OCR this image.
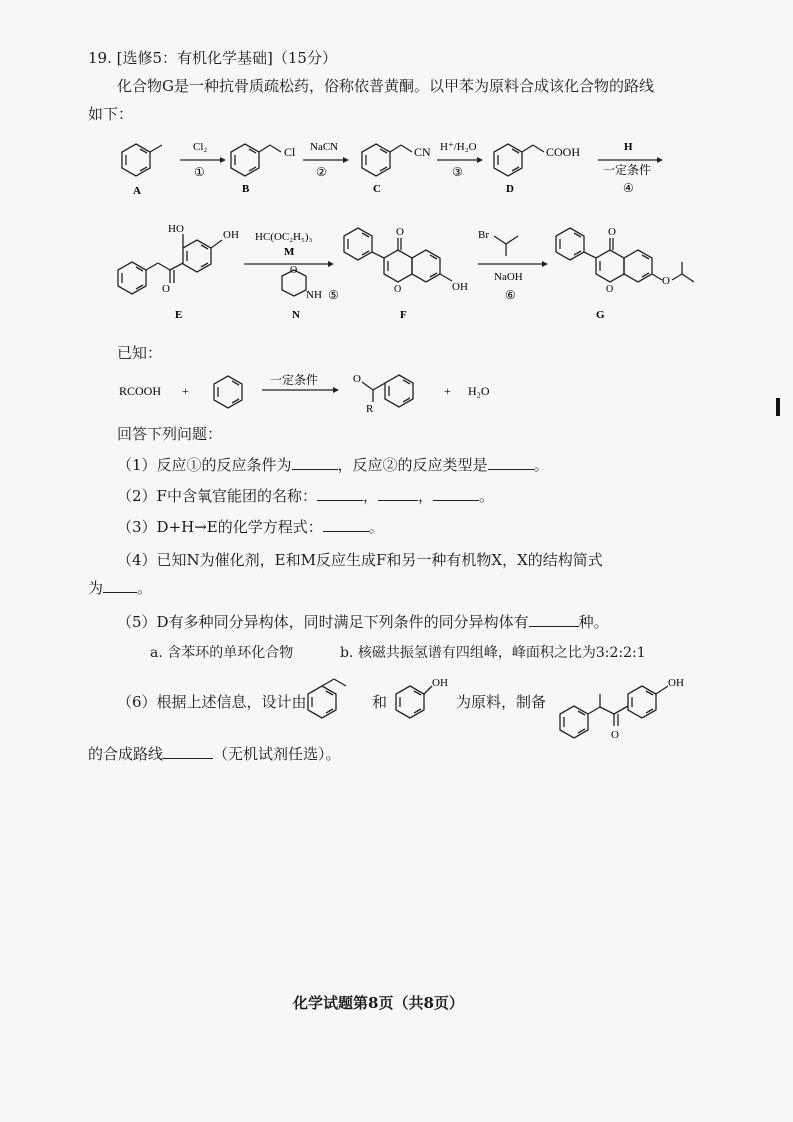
19. [选修5：有机化学基础]（15分）
化合物G是一种抗骨质疏松药，俗称依普黄酮。以甲苯为原料合成该化合物的路线
如下：
Cl₂
①
Cl NaCN
②
CN H⁺/H₂O
③
COOH	H
一定条件
④
A	B	C	D
O
HO	OH
E
HC(OC₂H₅)₃
M
O
NH ⑤
N
O
O	OH
F
Br
NaOH
⑥
O
O
O
G
已知：
RCOOH +
一定条件	O
R
+ H₂O
回答下列问题：
（1）反应①的反应条件为	，反应②的反应类型是	。
（2）F中含氧官能团的名称：	，	，	。
（3）D+H→E的化学方程式：	。
（4）已知N为催化剂，E和M反应生成F和另一种有机物X，X的结构简式
为 。
（5）D有多种同分异构体，同时满足下列条件的同分异构体有	种。
a. 含苯环的单环化合物	b. 核磁共振氢谱有四组峰，峰面积之比为3:2:2:1
（6）根据上述信息，设计由	和
OH
为原料，制备
O
OH
的合成路线	（无机试剂任选）。
化学试题第8页（共8页）
